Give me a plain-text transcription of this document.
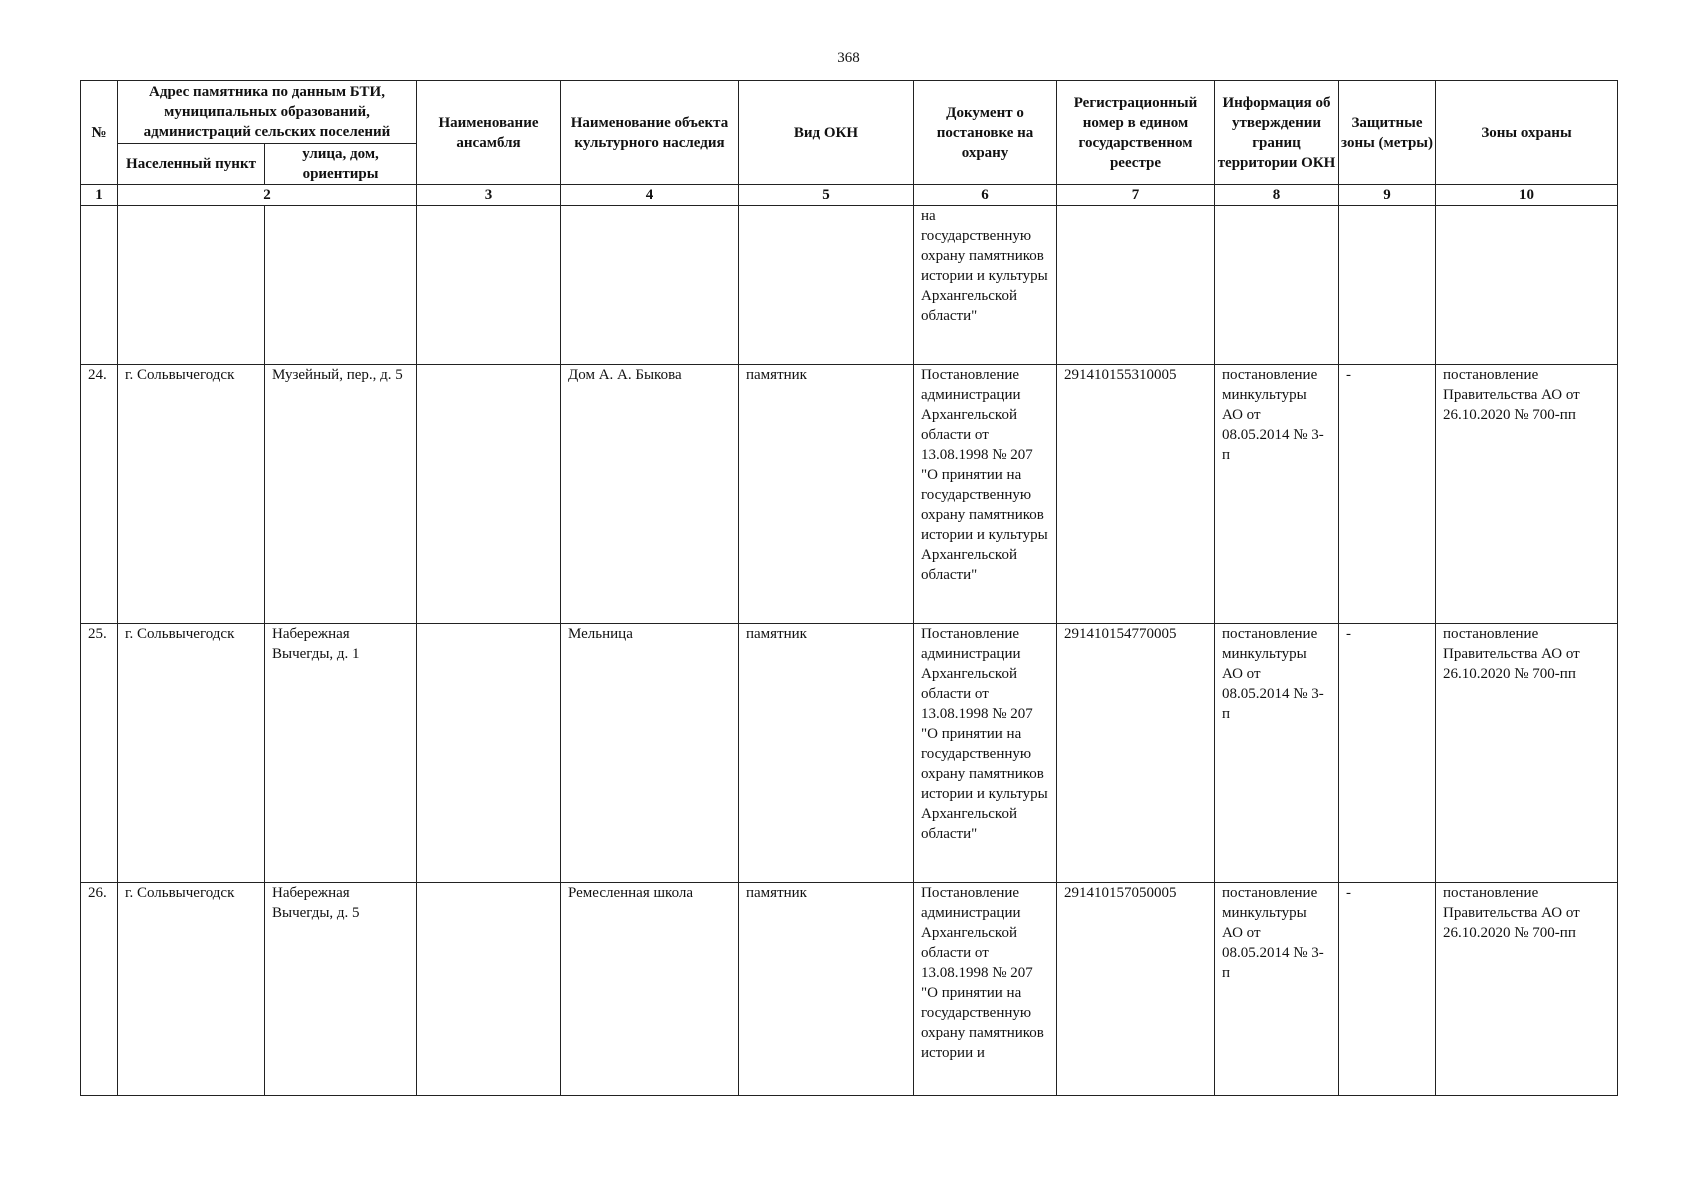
368
№	Адрес памятника по данным БТИ, муниципальных образований, администраций сельских поселений		Наименование ансамбля	Наименование объекта культурного наследия	Вид ОКН	Документ о постановке на охрану	Регистрационный номер в едином государственном реестре	Информация об утверждении границ территории ОКН	Защитные зоны (метры)	Зоны охраны
	Населенный пункт	улица, дом, ориентиры								
1	2		3	4	5	6	7	8	9	10
						на государственную охрану памятников истории и культуры Архангельской области"				
24.	г. Сольвычегодск	Музейный, пер., д. 5		Дом А. А. Быкова	памятник	Постановление администрации Архангельской области от 13.08.1998 № 207 "О принятии на государственную охрану памятников истории и культуры Архангельской области"	291410155310005	постановление минкультуры АО от 08.05.2014 № 3-п	-	постановление Правительства АО от 26.10.2020 № 700-пп
25.	г. Сольвычегодск	Набережная Вычегды, д. 1		Мельница	памятник	Постановление администрации Архангельской области от 13.08.1998 № 207 "О принятии на государственную охрану памятников истории и культуры Архангельской области"	291410154770005	постановление минкультуры АО от 08.05.2014 № 3-п	-	постановление Правительства АО от 26.10.2020 № 700-пп
26.	г. Сольвычегодск	Набережная Вычегды, д. 5		Ремесленная школа	памятник	Постановление администрации Архангельской области от 13.08.1998 № 207 "О принятии на государственную охрану памятников истории и	291410157050005	постановление минкультуры АО от 08.05.2014 № 3-п	-	постановление Правительства АО от 26.10.2020 № 700-пп
